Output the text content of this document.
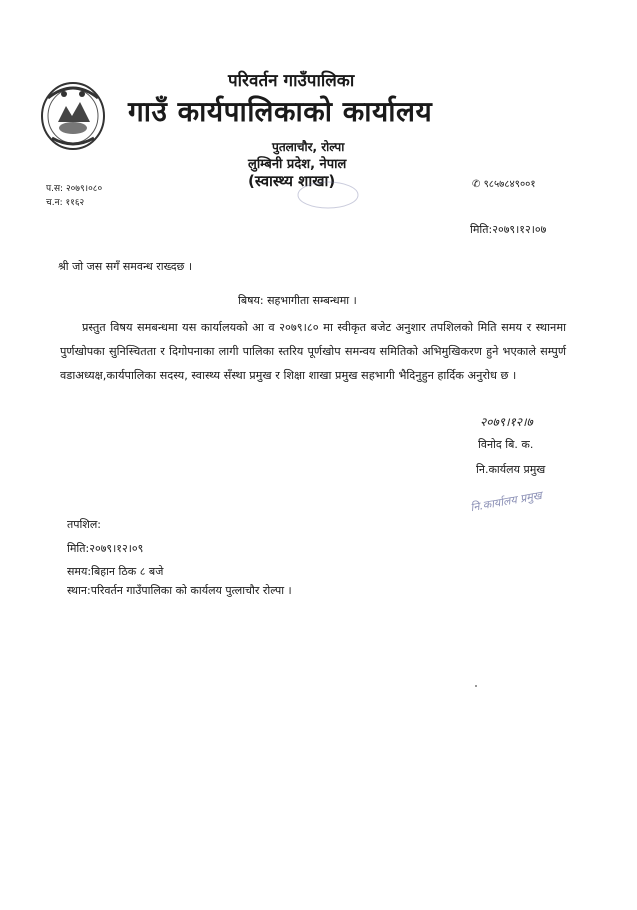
परिवर्तन गाउँपालिका
गाउँ कार्यपालिकाको कार्यालय
पुतलाचौर, रोल्पा
लुम्बिनी प्रदेश, नेपाल
(स्वास्थ्य शाखा)
प.स: २०७९।०८०
च.न: ११६२
✆ ९८५७८४९००१
मिति:२०७९।१२।०७
श्री जो जस सगँ समवन्ध राख्दछ ।
बिषय: सहभागीता सम्बन्धमा ।
प्रस्तुत विषय समबन्धमा यस कार्यालयको आ व २०७९।८० मा स्वीकृत बजेट अनुशार तपशिलको मिति समय र स्थानमा पुर्णखोपका सुनिस्चितता र दिगोपनाका लागी पालिका स्तरिय पूर्णखोप समन्वय समितिको अभिमुखिकरण हुने भएकाले सम्पुर्ण वडाअध्यक्ष,कार्यपालिका सदस्य, स्वास्थ्य सँस्था प्रमुख र शिक्षा शाखा प्रमुख सहभागी भैदिनुहुन हार्दिक अनुरोध छ ।
२०७९।१२।७
विनोद बि. क.
नि.कार्यलय प्रमुख
नि.कार्यालय प्रमुख
तपशिल:
मिति:२०७९।१२।०९
समय:बिहान ठिक ८ बजे
स्थान:परिवर्तन गाउँपालिका को कार्यलय पुत्लाचौर रोल्पा ।
